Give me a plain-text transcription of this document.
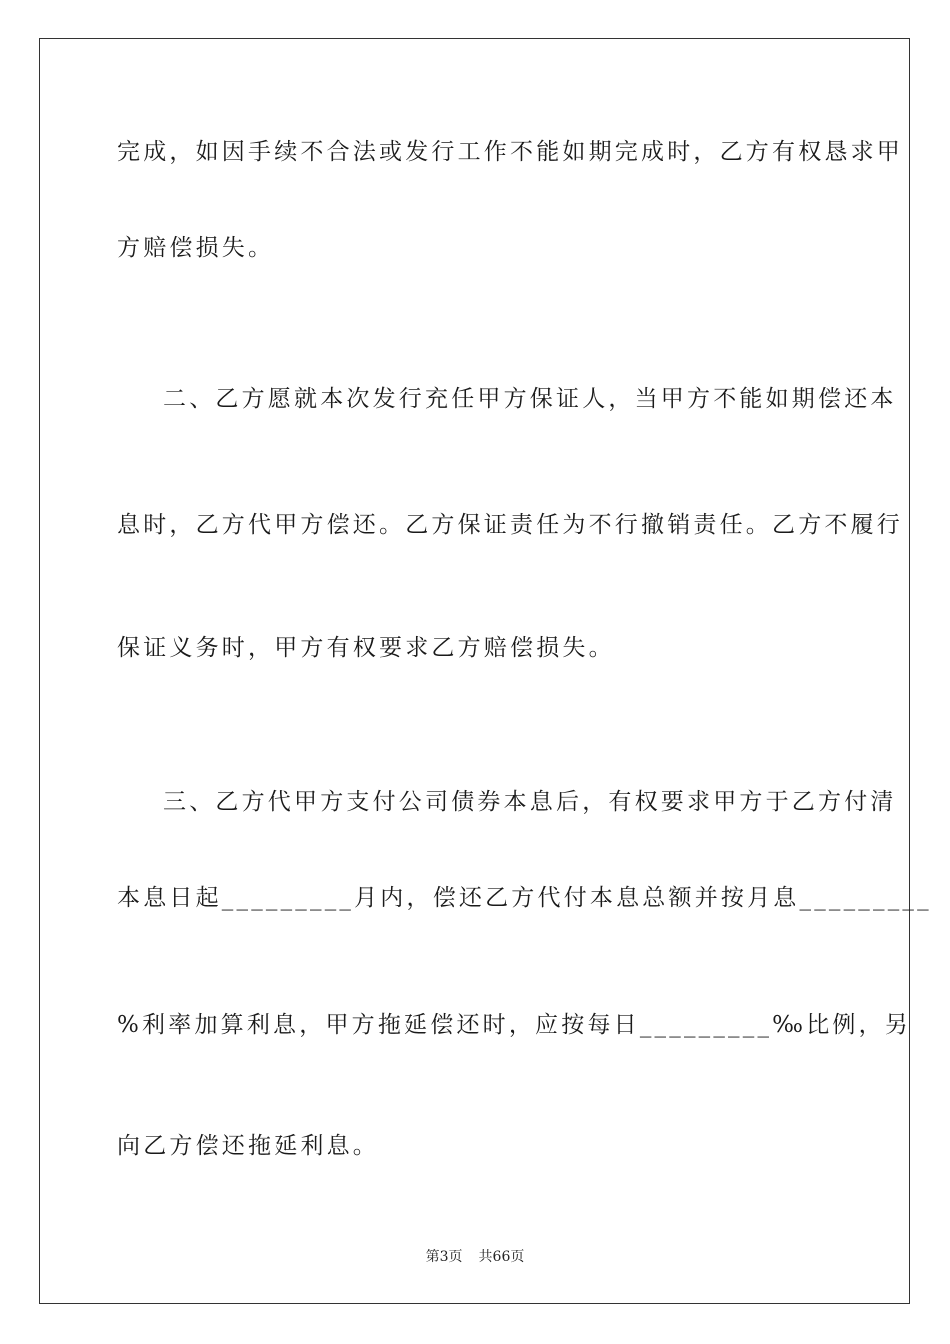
完成，如因手续不合法或发行工作不能如期完成时，乙方有权恳求甲
方赔偿损失。
二、乙方愿就本次发行充任甲方保证人，当甲方不能如期偿还本
息时，乙方代甲方偿还。乙方保证责任为不行撤销责任。乙方不履行
保证义务时，甲方有权要求乙方赔偿损失。
三、乙方代甲方支付公司债券本息后，有权要求甲方于乙方付清
本息日起_________月内，偿还乙方代付本息总额并按月息_________
%利率加算利息，甲方拖延偿还时，应按每日_________‰比例，另
向乙方偿还拖延利息。
第3页 共66页
